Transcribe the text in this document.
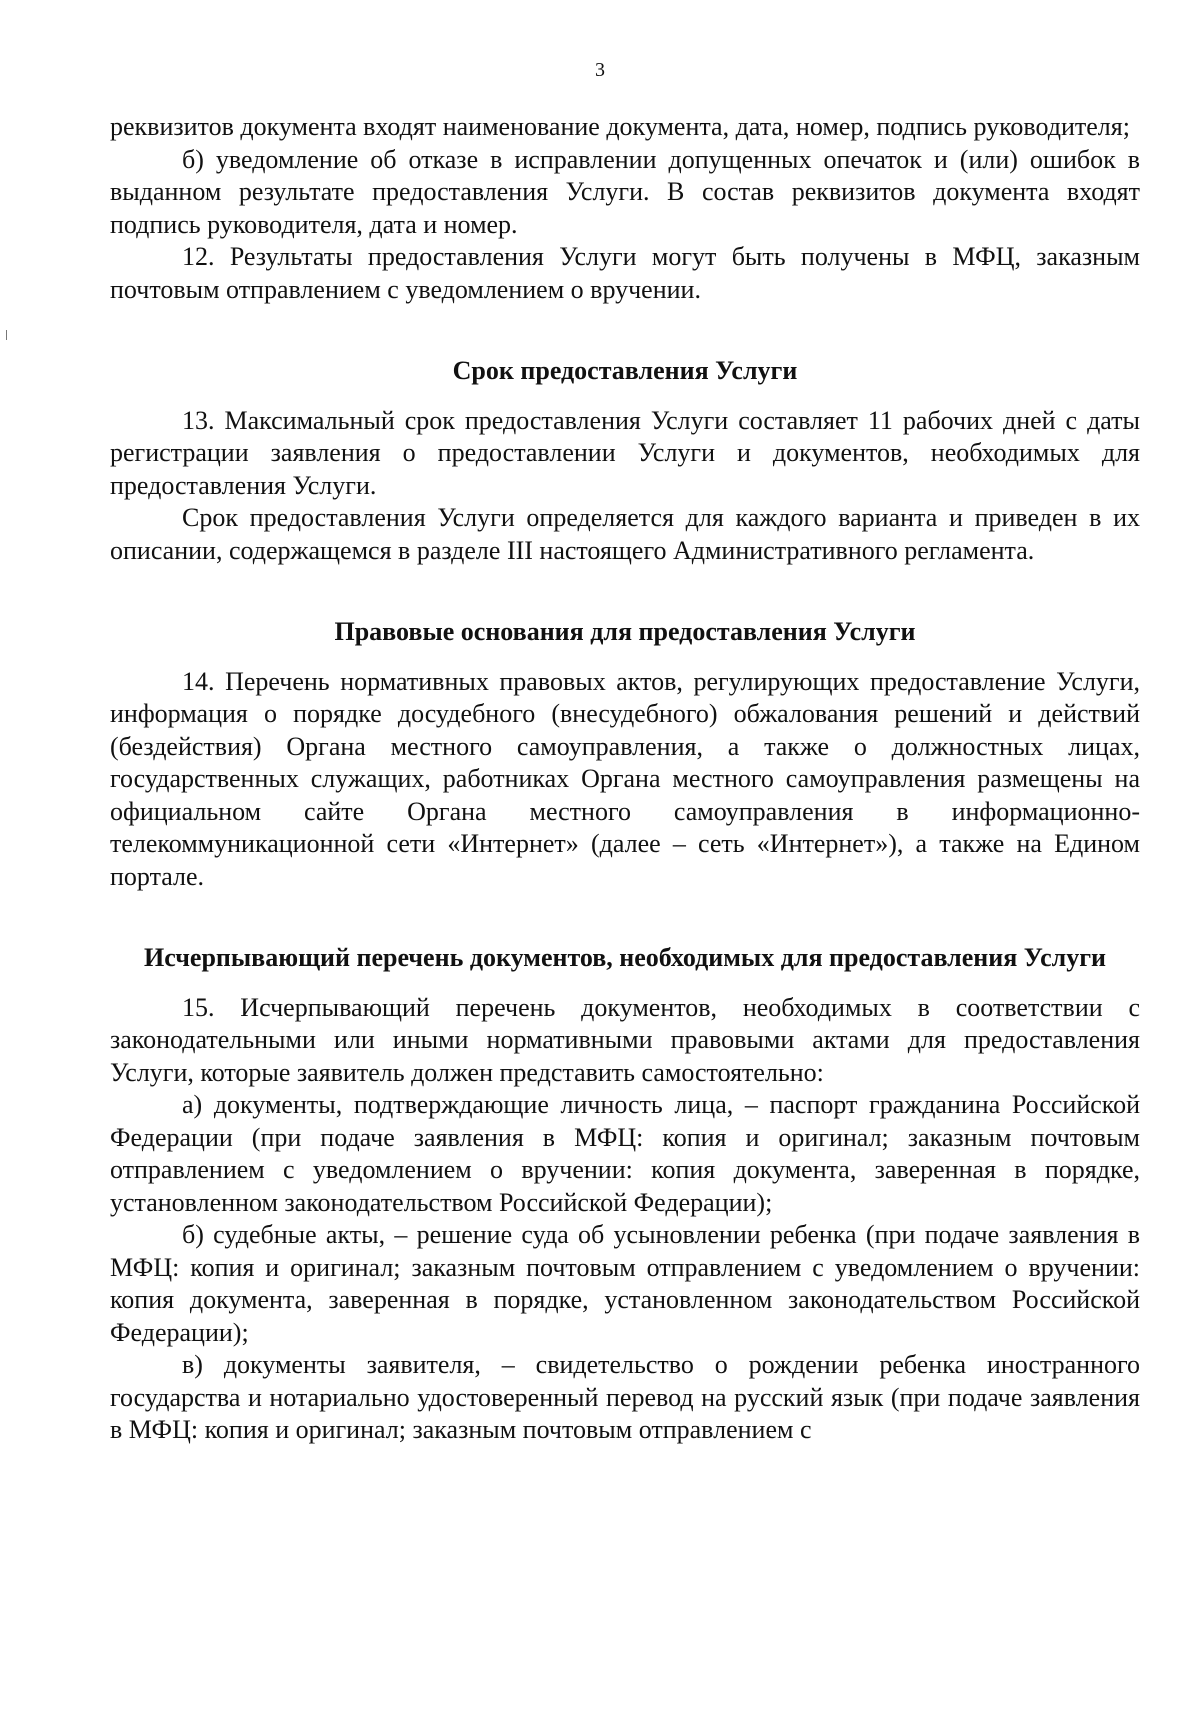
3

реквизитов документа входят наименование документа, дата, номер, подпись руководителя;

б) уведомление об отказе в исправлении допущенных опечаток и (или) ошибок в выданном результате предоставления Услуги. В состав реквизитов документа входят подпись руководителя, дата и номер.

12. Результаты предоставления Услуги могут быть получены в МФЦ, заказным почтовым отправлением с уведомлением о вручении.

Срок предоставления Услуги

13. Максимальный срок предоставления Услуги составляет 11 рабочих дней с даты регистрации заявления о предоставлении Услуги и документов, необходимых для предоставления Услуги.

Срок предоставления Услуги определяется для каждого варианта и приведен в их описании, содержащемся в разделе III настоящего Административного регламента.

Правовые основания для предоставления Услуги

14. Перечень нормативных правовых актов, регулирующих предоставление Услуги, информация о порядке досудебного (внесудебного) обжалования решений и действий (бездействия) Органа местного самоуправления, а также о должностных лицах, государственных служащих, работниках Органа местного самоуправления размещены на официальном сайте Органа местного самоуправления в информационно-телекоммуникационной сети «Интернет» (далее – сеть «Интернет»), а также на Едином портале.

Исчерпывающий перечень документов, необходимых для предоставления Услуги

15. Исчерпывающий перечень документов, необходимых в соответствии с законодательными или иными нормативными правовыми актами для предоставления Услуги, которые заявитель должен представить самостоятельно:

а) документы, подтверждающие личность лица, – паспорт гражданина Российской Федерации (при подаче заявления в МФЦ: копия и оригинал; заказным почтовым отправлением с уведомлением о вручении: копия документа, заверенная в порядке, установленном законодательством Российской Федерации);

б) судебные акты, – решение суда об усыновлении ребенка (при подаче заявления в МФЦ: копия и оригинал; заказным почтовым отправлением с уведомлением о вручении: копия документа, заверенная в порядке, установленном законодательством Российской Федерации);

в) документы заявителя, – свидетельство о рождении ребенка иностранного государства и нотариально удостоверенный перевод на русский язык (при подаче заявления в МФЦ: копия и оригинал; заказным почтовым отправлением с
